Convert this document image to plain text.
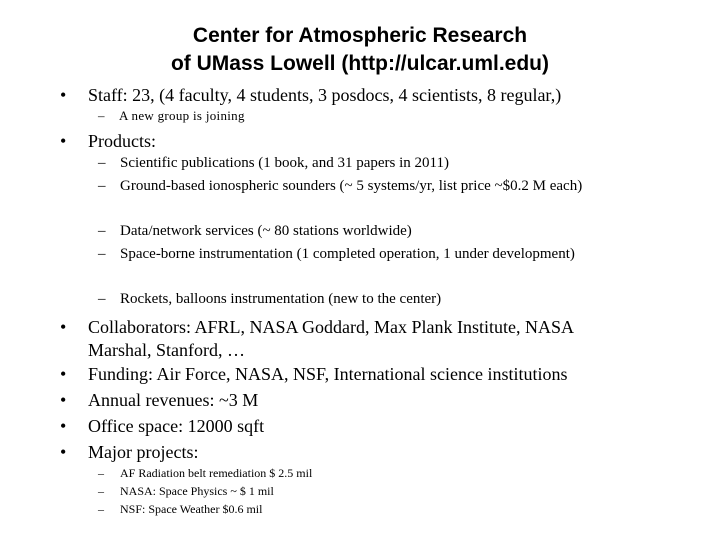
Center for Atmospheric Research
of UMass Lowell (http://ulcar.uml.edu)
• Staff: 23, (4 faculty, 4 students, 3 posdocs, 4 scientists, 8 regular,)
– A new group is joining
• Products:
– Scientific publications (1 book, and 31 papers in 2011)
– Ground-based ionospheric sounders (~ 5 systems/yr, list price ~$0.2 M each)
– Data/network services (~ 80 stations worldwide)
– Space-borne instrumentation (1 completed operation, 1 under development)
– Rockets, balloons instrumentation (new to the center)
• Collaborators: AFRL, NASA Goddard, Max Plank Institute, NASA
Marshal, Stanford, …
• Funding: Air Force, NASA, NSF, International science institutions
• Annual revenues: ~3 M
• Office space: 12000 sqft
• Major projects:
– AF Radiation belt remediation $ 2.5 mil
– NASA: Space Physics ~ $ 1 mil
– NSF: Space Weather $0.6 mil
